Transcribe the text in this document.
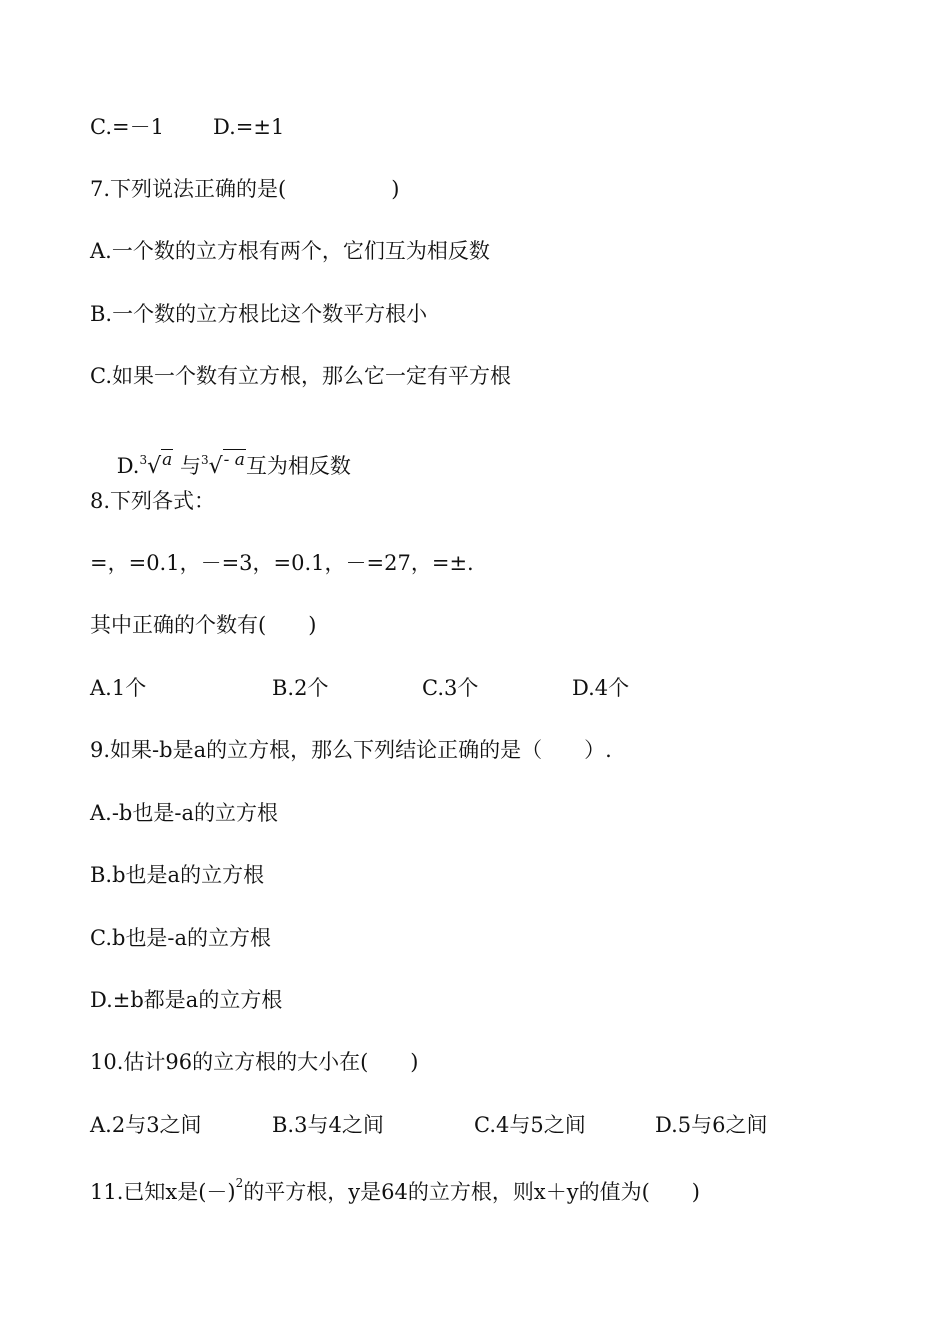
C.=－1 D.=±1
7.下列说法正确的是(　　　　　)
A.一个数的立方根有两个，它们互为相反数
B.一个数的立方根比这个数平方根小
C.如果一个数有立方根，那么它一定有平方根

D.$^3$√$^a$ 与$^3$√$^{- a}$互为相反数

8.下列各式：
=，=0.1，－=3，=0.1，－=27，=±.
其中正确的个数有(　　)
A.1个	B.2个	C.3个	D.4个
9.如果-b是a的立方根，那么下列结论正确的是（　　）.
A.-b也是-a的立方根
B.b也是a的立方根
C.b也是-a的立方根
D.±b都是a的立方根
10.估计96的立方根的大小在(　　)
A.2与3之间	B.3与4之间	C.4与5之间	D.5与6之间
11.已知x是$(-)^2$的平方根，y是64的立方根，则x＋y的值为(　　)
